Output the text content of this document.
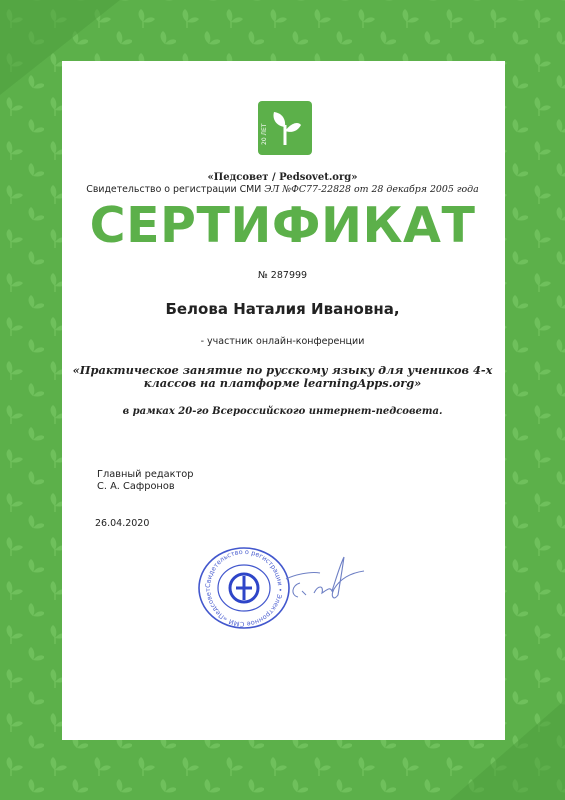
20 ЛЕТ
«Педсовет / Pedsovet.org»
Свидетельство о регистрации СМИ ЭЛ №ФС77-22828 от 28 декабря 2005 года
СЕРТИФИКАТ
№ 287999
Белова Наталия Ивановна,
- участник онлайн-конференции
«Практическое занятие по русскому языку для учеников 4-х классов на платформе learningApps.org»
в рамках 20-го Всероссийского интернет-педсовета.
Главный редактор
С. А. Сафронов
26.04.2020
Свидетельство о регистрации • Электронное СМИ «Педсовет
